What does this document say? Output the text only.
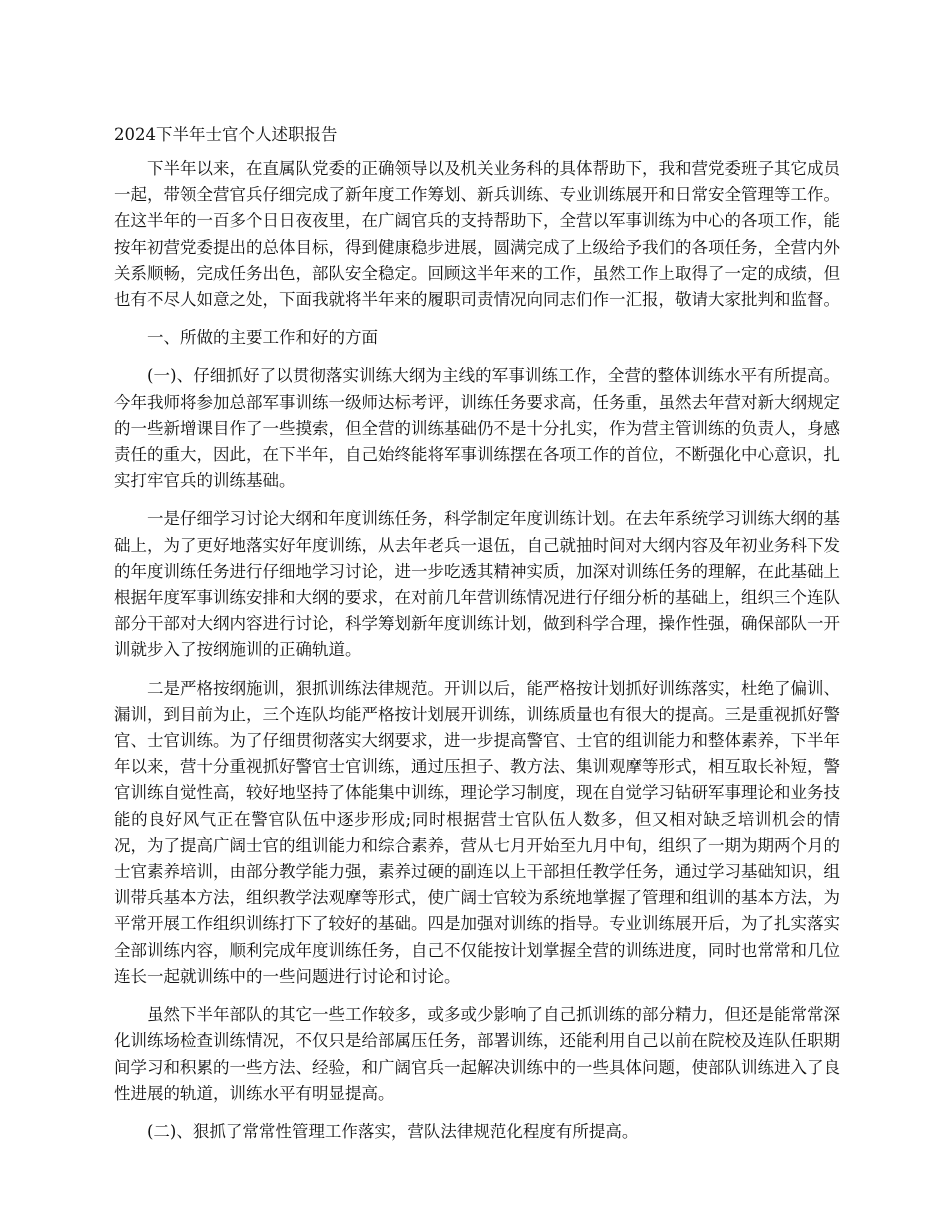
2024下半年士官个人述职报告

下半年以来，在直属队党委的正确领导以及机关业务科的具体帮助下，我和营党委班子其它成员一起，带领全营官兵仔细完成了新年度工作筹划、新兵训练、专业训练展开和日常安全管理等工作。在这半年的一百多个日日夜夜里，在广阔官兵的支持帮助下，全营以军事训练为中心的各项工作，能按年初营党委提出的总体目标，得到健康稳步进展，圆满完成了上级给予我们的各项任务，全营内外关系顺畅，完成任务出色，部队安全稳定。回顾这半年来的工作，虽然工作上取得了一定的成绩，但也有不尽人如意之处，下面我就将半年来的履职司责情况向同志们作一汇报，敬请大家批判和监督。

一、所做的主要工作和好的方面

(一)、仔细抓好了以贯彻落实训练大纲为主线的军事训练工作，全营的整体训练水平有所提高。今年我师将参加总部军事训练一级师达标考评，训练任务要求高，任务重，虽然去年营对新大纲规定的一些新增课目作了一些摸索，但全营的训练基础仍不是十分扎实，作为营主管训练的负责人，身感责任的重大，因此，在下半年，自己始终能将军事训练摆在各项工作的首位，不断强化中心意识，扎实打牢官兵的训练基础。

一是仔细学习讨论大纲和年度训练任务，科学制定年度训练计划。在去年系统学习训练大纲的基础上，为了更好地落实好年度训练，从去年老兵一退伍，自己就抽时间对大纲内容及年初业务科下发的年度训练任务进行仔细地学习讨论，进一步吃透其精神实质，加深对训练任务的理解，在此基础上根据年度军事训练安排和大纲的要求，在对前几年营训练情况进行仔细分析的基础上，组织三个连队部分干部对大纲内容进行讨论，科学筹划新年度训练计划，做到科学合理，操作性强，确保部队一开训就步入了按纲施训的正确轨道。

二是严格按纲施训，狠抓训练法律规范。开训以后，能严格按计划抓好训练落实，杜绝了偏训、漏训，到目前为止，三个连队均能严格按计划展开训练，训练质量也有很大的提高。三是重视抓好警官、士官训练。为了仔细贯彻落实大纲要求，进一步提高警官、士官的组训能力和整体素养，下半年年以来，营十分重视抓好警官士官训练，通过压担子、教方法、集训观摩等形式，相互取长补短，警官训练自觉性高，较好地坚持了体能集中训练，理论学习制度，现在自觉学习钻研军事理论和业务技能的良好风气正在警官队伍中逐步形成;同时根据营士官队伍人数多，但又相对缺乏培训机会的情况，为了提高广阔士官的组训能力和综合素养，营从七月开始至九月中旬，组织了一期为期两个月的士官素养培训，由部分教学能力强，素养过硬的副连以上干部担任教学任务，通过学习基础知识，组训带兵基本方法，组织教学法观摩等形式，使广阔士官较为系统地掌握了管理和组训的基本方法，为平常开展工作组织训练打下了较好的基础。四是加强对训练的指导。专业训练展开后，为了扎实落实全部训练内容，顺利完成年度训练任务，自己不仅能按计划掌握全营的训练进度，同时也常常和几位连长一起就训练中的一些问题进行讨论和讨论。

虽然下半年部队的其它一些工作较多，或多或少影响了自己抓训练的部分精力，但还是能常常深化训练场检查训练情况，不仅只是给部属压任务，部署训练，还能利用自己以前在院校及连队任职期间学习和积累的一些方法、经验，和广阔官兵一起解决训练中的一些具体问题，使部队训练进入了良性进展的轨道，训练水平有明显提高。

(二)、狠抓了常常性管理工作落实，营队法律规范化程度有所提高。
